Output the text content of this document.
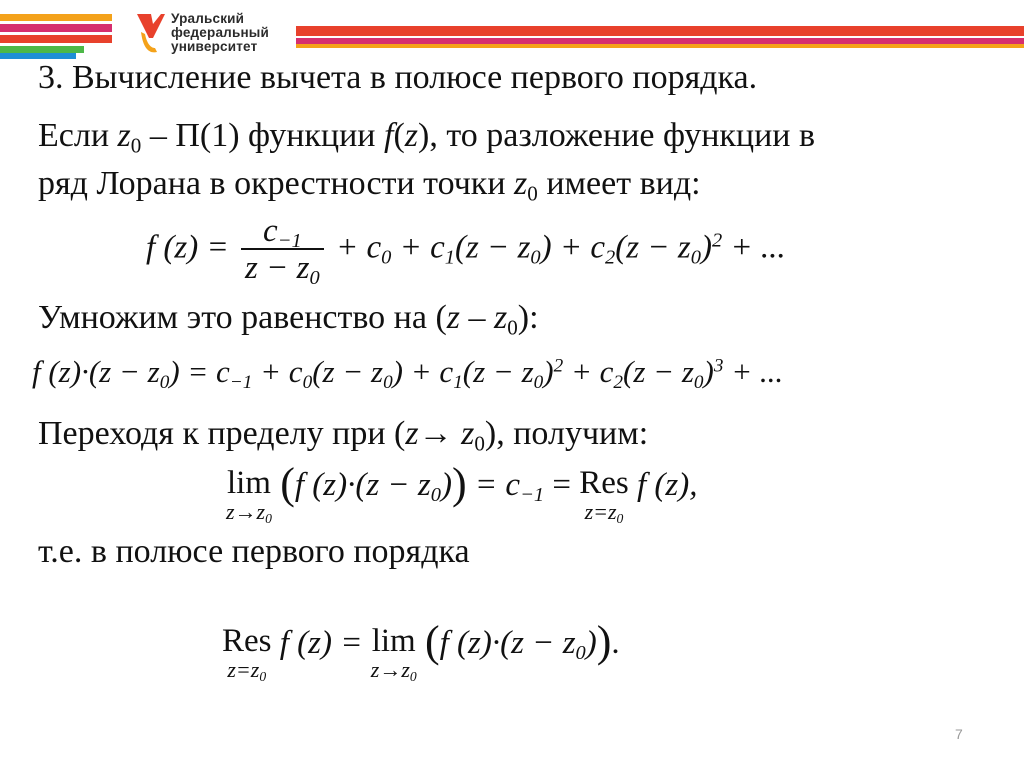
Уральский
федеральный
университет
3. Вычисление вычета в полюсе первого порядка.
Если $z_0 - П(1)$ функции f(z), то разложение функции в
ряд Лорана в окрестности точки $z_0$ имеет вид:
f $(z) = \frac{c_{-1}}{z - z_0} + c_0 + c_1(z - z_0) + c_2(z - z_0)^2$ + ...
Умножим это равенство на $(z - z_0)$:
f $(z)\cdot(z - z_0) = c_{-1} + c_0(z - z_0) + c_1(z - z_0)^2 + c_2(z - z_0)^3$ + ...
Переходя к пределу при $(z\to z_0)$, получим:
lim
$z\to z_0$
(f $(z)\cdot(z - z_0)) = c_{-1}$ = Res
$z=z_0$
f (z),
т.е. в полюсе первого порядка
Res
$z=z_0$
f (z) = lim
$z\to z_0$
(f $(z)\cdot(z - z_0)$).
7
